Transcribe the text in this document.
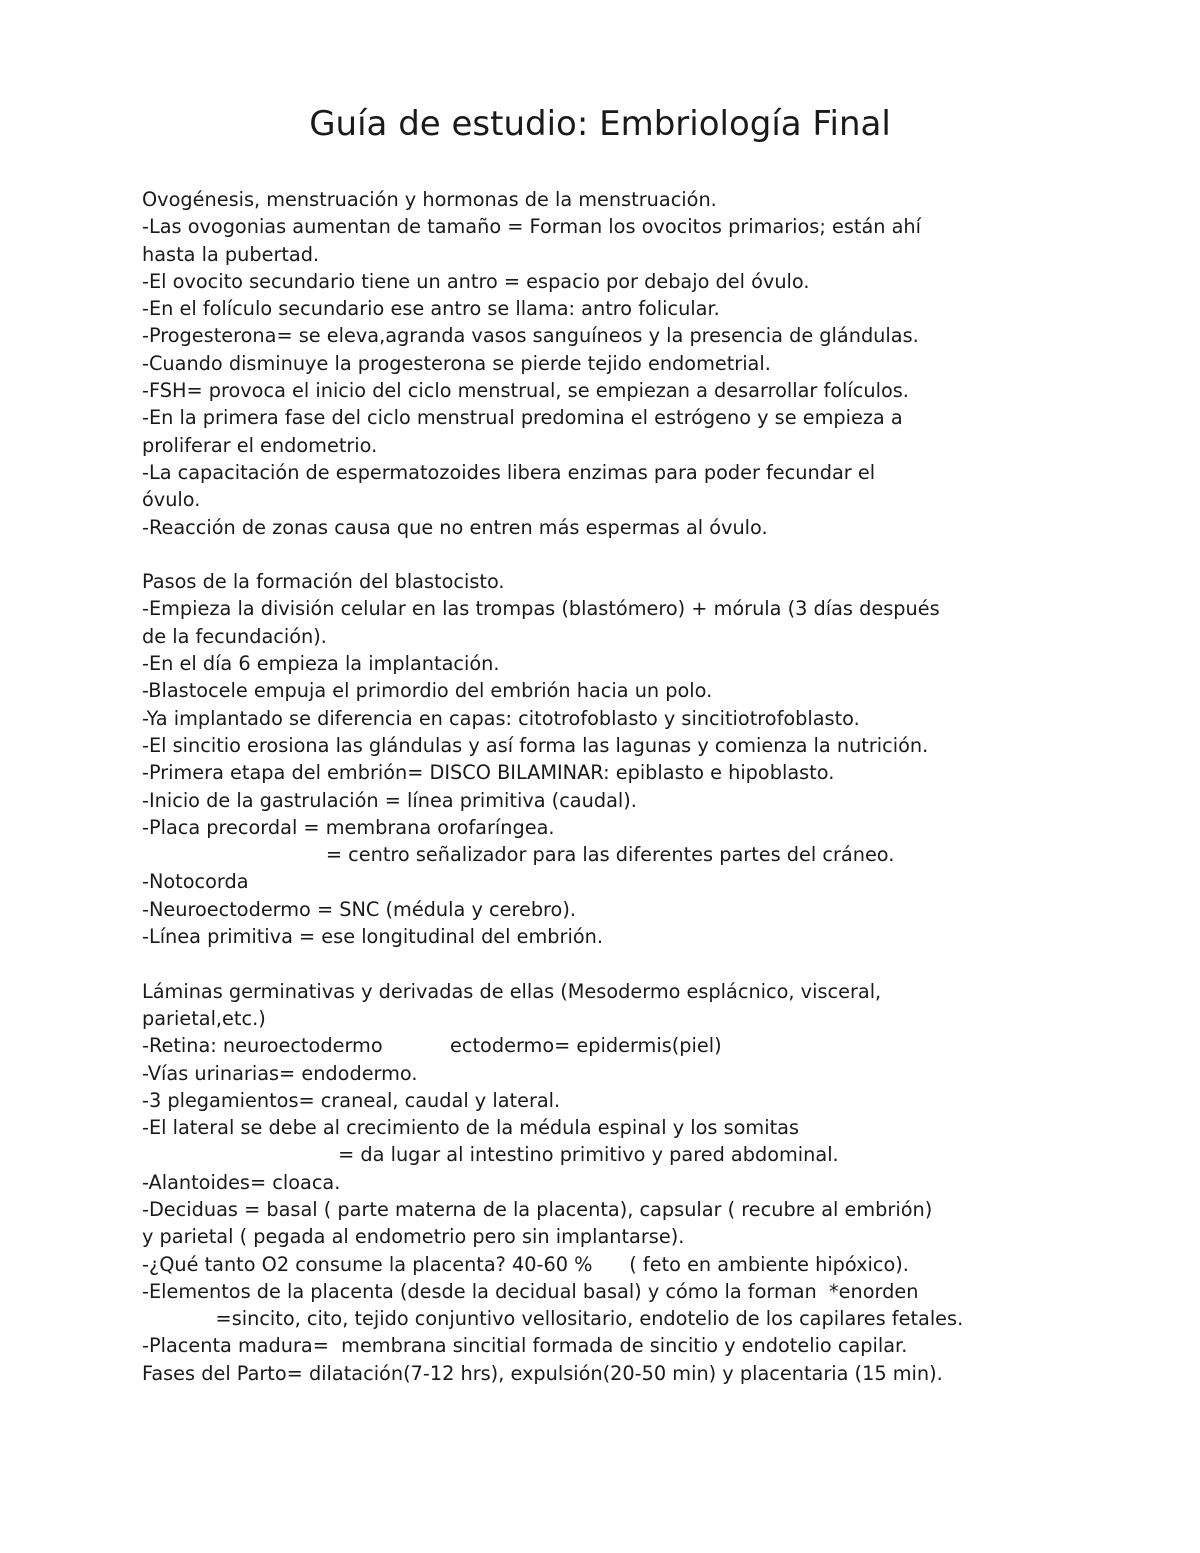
Guía de estudio: Embriología Final

Ovogénesis, menstruación y hormonas de la menstruación.

-Las ovogonias aumentan de tamaño = Forman los ovocitos primarios; están ahí

hasta la pubertad.

-El ovocito secundario tiene un antro = espacio por debajo del óvulo.

-En el folículo secundario ese antro se llama: antro folicular.

-Progesterona= se eleva,agranda vasos sanguíneos y la presencia de glándulas.

-Cuando disminuye la progesterona se pierde tejido endometrial.

-FSH= provoca el inicio del ciclo menstrual, se empiezan a desarrollar folículos.

-En la primera fase del ciclo menstrual predomina el estrógeno y se empieza a

proliferar el endometrio.

-La capacitación de espermatozoides libera enzimas para poder fecundar el

óvulo.

-Reacción de zonas causa que no entren más espermas al óvulo.

Pasos de la formación del blastocisto.

-Empieza la división celular en las trompas (blastómero) + mórula (3 días después

de la fecundación).

-En el día 6 empieza la implantación.

-Blastocele empuja el primordio del embrión hacia un polo.

-Ya implantado se diferencia en capas: citotrofoblasto y sincitiotrofoblasto.

-El sincitio erosiona las glándulas y así forma las lagunas y comienza la nutrición.

-Primera etapa del embrión= DISCO BILAMINAR: epiblasto e hipoblasto.

-Inicio de la gastrulación = línea primitiva (caudal).

-Placa precordal = membrana orofaríngea.

= centro señalizador para las diferentes partes del cráneo.

-Notocorda

-Neuroectodermo = SNC (médula y cerebro).

-Línea primitiva = ese longitudinal del embrión.

Láminas germinativas y derivadas de ellas (Mesodermo esplácnico, visceral,

parietal,etc.)

-Retina: neuroectodermo           ectodermo= epidermis(piel)

-Vías urinarias= endodermo.

-3 plegamientos= craneal, caudal y lateral.

-El lateral se debe al crecimiento de la médula espinal y los somitas

= da lugar al intestino primitivo y pared abdominal.

-Alantoides= cloaca.

-Deciduas = basal ( parte materna de la placenta), capsular ( recubre al embrión)

y parietal ( pegada al endometrio pero sin implantarse).

-¿Qué tanto O2 consume la placenta? 40-60 %      ( feto en ambiente hipóxico).

-Elementos de la placenta (desde la decidual basal) y cómo la forman  *enorden

=sincito, cito, tejido conjuntivo vellositario, endotelio de los capilares fetales.

-Placenta madura=  membrana sincitial formada de sincitio y endotelio capilar.

Fases del Parto= dilatación(7-12 hrs), expulsión(20-50 min) y placentaria (15 min).
